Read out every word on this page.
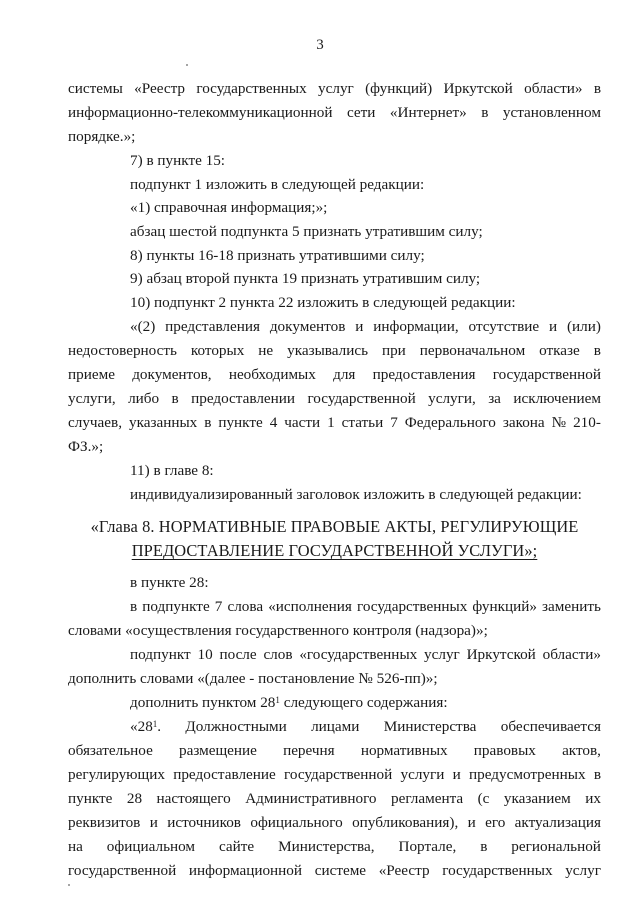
3
системы «Реестр государственных услуг (функций) Иркутской области» в
информационно-телекоммуникационной сети «Интернет» в установленном
порядке.»;
7) в пункте 15:
подпункт 1 изложить в следующей редакции:
«1) справочная информация;»;
абзац шестой подпункта 5 признать утратившим силу;
8) пункты 16-18 признать утратившими силу;
9) абзац второй пункта 19 признать утратившим силу;
10) подпункт 2 пункта 22 изложить в следующей редакции:
«(2) представления документов и информации, отсутствие и (или)
недостоверность которых не указывались при первоначальном отказе в
приеме документов, необходимых для предоставления государственной
услуги, либо в предоставлении государственной услуги, за исключением
случаев, указанных в пункте 4 части 1 статьи 7 Федерального закона № 210-
ФЗ.»;
11) в главе 8:
индивидуализированный заголовок изложить в следующей редакции:
«Глава 8. НОРМАТИВНЫЕ ПРАВОВЫЕ АКТЫ, РЕГУЛИРУЮЩИЕ
ПРЕДОСТАВЛЕНИЕ ГОСУДАРСТВЕННОЙ УСЛУГИ»;
в пункте 28:
в подпункте 7 слова «исполнения государственных функций» заменить
словами «осуществления государственного контроля (надзора)»;
подпункт 10 после слов «государственных услуг Иркутской области»
дополнить словами «(далее - постановление № 526-пп)»;
дополнить пунктом $28^1$ следующего содержания:
«$28^1$. Должностными лицами Министерства обеспечивается
обязательное размещение перечня нормативных правовых актов,
регулирующих предоставление государственной услуги и предусмотренных в
пункте 28 настоящего Административного регламента (с указанием их
реквизитов и источников официального опубликования), и его актуализация
на официальном сайте Министерства, Портале, в региональной
государственной информационной системе «Реестр государственных услуг
